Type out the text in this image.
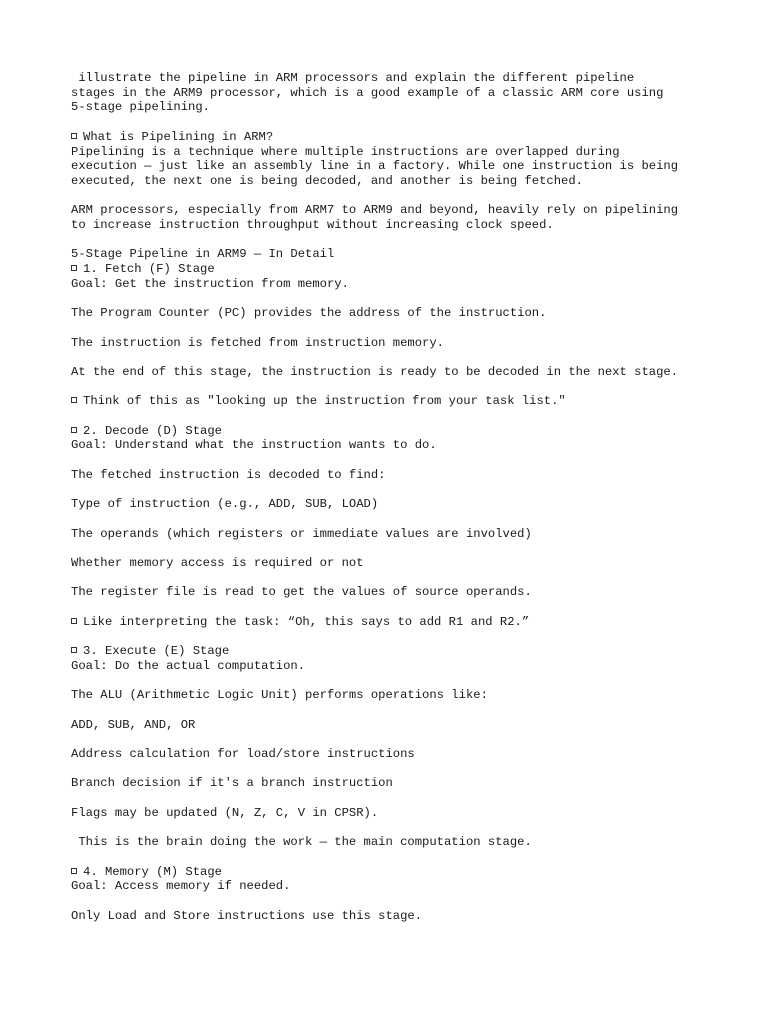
illustrate the pipeline in ARM processors and explain the different pipeline
stages in the ARM9 processor, which is a good example of a classic ARM core using
5-stage pipelining.
What is Pipelining in ARM?
Pipelining is a technique where multiple instructions are overlapped during
execution — just like an assembly line in a factory. While one instruction is being
executed, the next one is being decoded, and another is being fetched.
ARM processors, especially from ARM7 to ARM9 and beyond, heavily rely on pipelining
to increase instruction throughput without increasing clock speed.
5-Stage Pipeline in ARM9 — In Detail
1. Fetch (F) Stage
Goal: Get the instruction from memory.
The Program Counter (PC) provides the address of the instruction.
The instruction is fetched from instruction memory.
At the end of this stage, the instruction is ready to be decoded in the next stage.
Think of this as "looking up the instruction from your task list."
2. Decode (D) Stage
Goal: Understand what the instruction wants to do.
The fetched instruction is decoded to find:
Type of instruction (e.g., ADD, SUB, LOAD)
The operands (which registers or immediate values are involved)
Whether memory access is required or not
The register file is read to get the values of source operands.
Like interpreting the task: “Oh, this says to add R1 and R2.”
3. Execute (E) Stage
Goal: Do the actual computation.
The ALU (Arithmetic Logic Unit) performs operations like:
ADD, SUB, AND, OR
Address calculation for load/store instructions
Branch decision if it's a branch instruction
Flags may be updated (N, Z, C, V in CPSR).
This is the brain doing the work — the main computation stage.
4. Memory (M) Stage
Goal: Access memory if needed.
Only Load and Store instructions use this stage.
